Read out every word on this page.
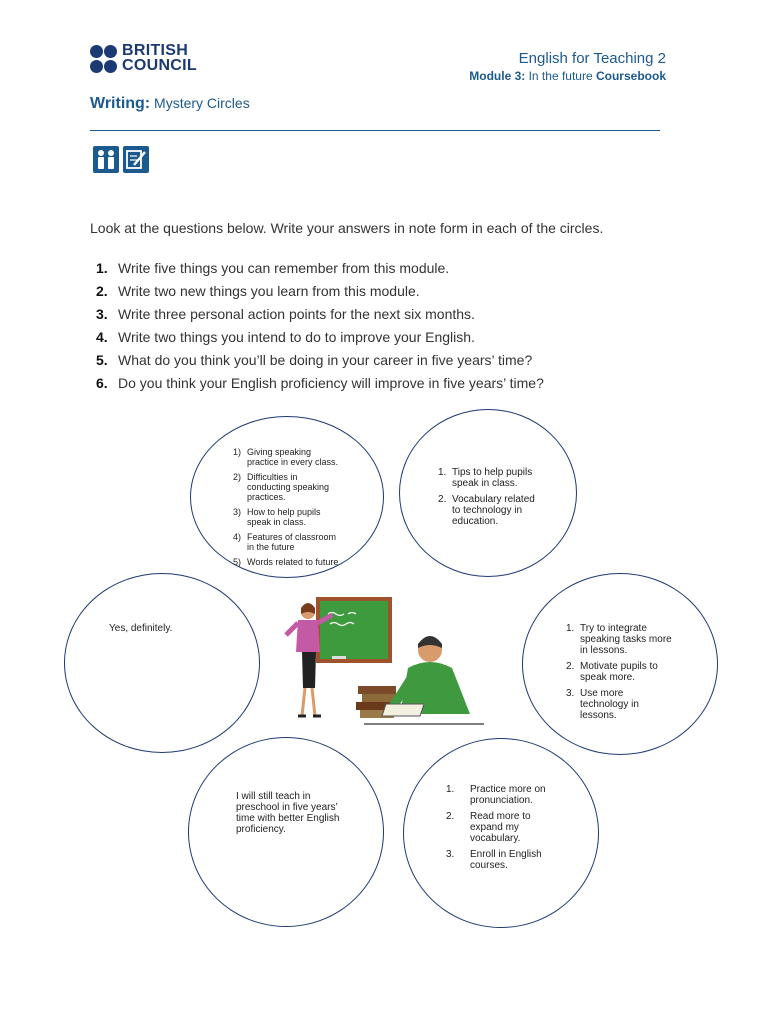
BRITISH
COUNCIL	English for Teaching 2
Module 3: In the future Coursebook
Writing: Mystery Circles
Look at the questions below. Write your answers in note form in each of the circles.
1. Write five things you can remember from this module.
2. Write two new things you learn from this module.
3. Write three personal action points for the next six months.
4. Write two things you intend to do to improve your English.
5. What do you think you’ll be doing in your career in five years’ time?
6. Do you think your English proficiency will improve in five years’ time?
1) Giving speaking practice in every class.
2) Difficulties in conducting speaking practices.
3) How to help pupils speak in class.
4) Features of classroom in the future
5) Words related to future
1. Tips to help pupils speak in class.
2. Vocabulary related to technology in education.
Yes, definitely.	1. Try to integrate speaking tasks more in lessons.
2. Motivate pupils to speak more.
3. Use more technology in lessons.
I will still teach in preschool in five years’ time with better English proficiency.
1. Practice more on pronunciation.
2. Read more to expand my vocabulary.
3. Enroll in English courses.
